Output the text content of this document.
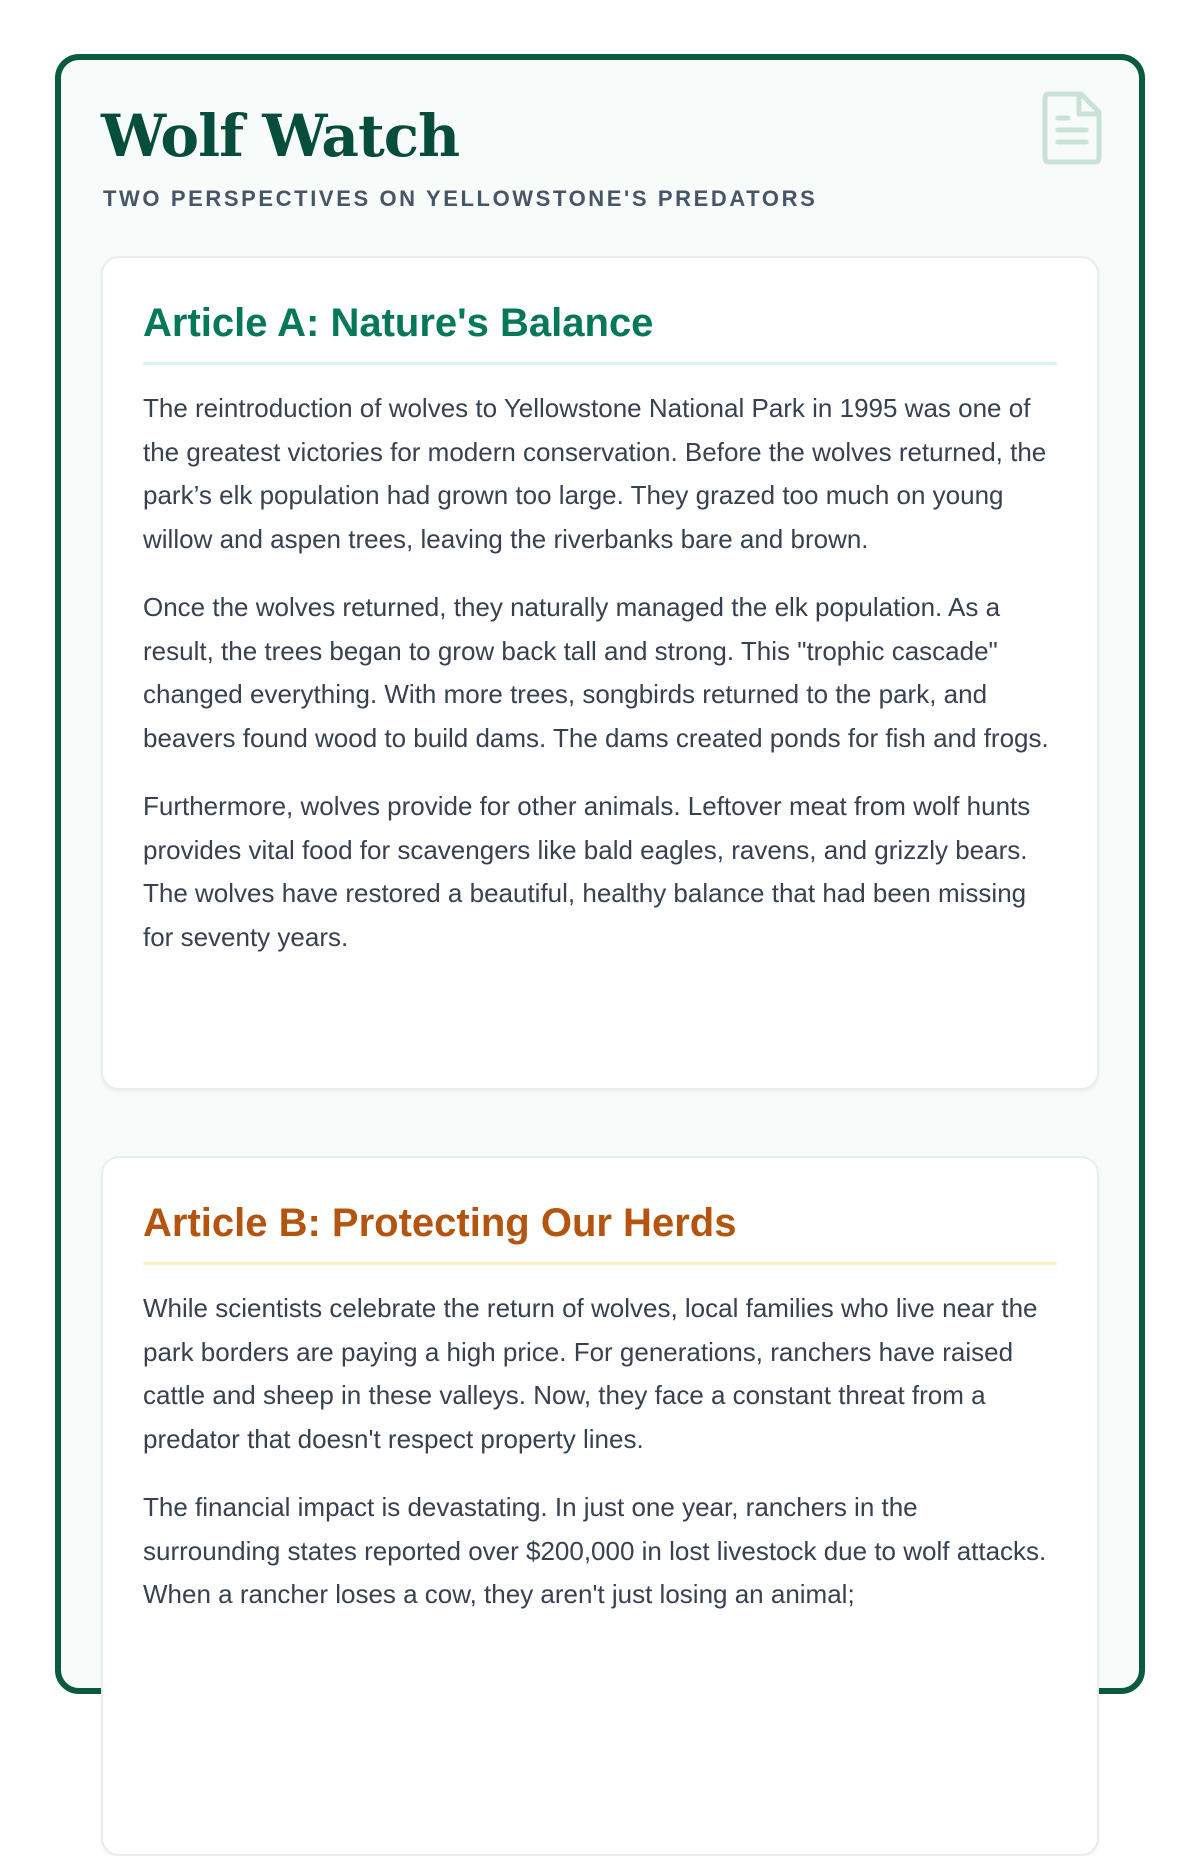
Wolf Watch
TWO PERSPECTIVES ON YELLOWSTONE'S PREDATORS
Article A: Nature's Balance

The reintroduction of wolves to Yellowstone National Park in 1995 was one of the greatest victories for modern conservation. Before the wolves returned, the park’s elk population had grown too large. They grazed too much on young willow and aspen trees, leaving the riverbanks bare and brown.

Once the wolves returned, they naturally managed the elk population. As a result, the trees began to grow back tall and strong. This "trophic cascade" changed everything. With more trees, songbirds returned to the park, and beavers found wood to build dams. The dams created ponds for fish and frogs.

Furthermore, wolves provide for other animals. Leftover meat from wolf hunts provides vital food for scavengers like bald eagles, ravens, and grizzly bears. The wolves have restored a beautiful, healthy balance that had been missing for seventy years.

Article B: Protecting Our Herds

While scientists celebrate the return of wolves, local families who live near the park borders are paying a high price. For generations, ranchers have raised cattle and sheep in these valleys. Now, they face a constant threat from a predator that doesn't respect property lines.

The financial impact is devastating. In just one year, ranchers in the surrounding states reported over $200,000 in lost livestock due to wolf attacks. When a rancher loses a cow, they aren't just losing an animal;
